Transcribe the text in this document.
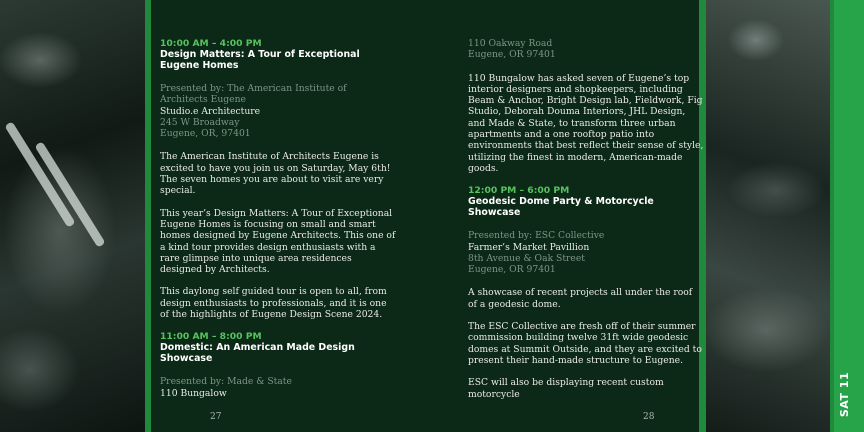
10:00 AM – 4:00 PM

Design Matters: A Tour of Exceptional Eugene Homes

Presented by: The American Institute of Architects Eugene

Studio.e Architecture

245 W Broadway

Eugene, OR, 97401

The American Institute of Architects Eugene is excited to have you join us on Saturday, May 6th! The seven homes you are about to visit are very special.

This year’s Design Matters: A Tour of Exceptional Eugene Homes is focusing on small and smart homes designed by Eugene Architects. This one of a kind tour provides design enthusiasts with a rare glimpse into unique area residences designed by Architects.

This daylong self guided tour is open to all, from design enthusiasts to professionals, and it is one of the highlights of Eugene Design Scene 2024.

11:00 AM – 8:00 PM

Domestic: An American Made Design Showcase

Presented by: Made & State

110 Bungalow

27

110 Oakway Road

Eugene, OR 97401

110 Bungalow has asked seven of Eugene’s top interior designers and shopkeepers, including Beam & Anchor, Bright Design lab, Fieldwork, Fig Studio, Deborah Douma Interiors, JHL Design, and Made & State, to transform three urban apartments and a one rooftop patio into environments that best reflect their sense of style, utilizing the finest in modern, American-made goods.

12:00 PM – 6:00 PM

Geodesic Dome Party & Motorcycle Showcase

Presented by: ESC Collective

Farmer’s Market Pavillion

8th Avenue & Oak Street

Eugene, OR 97401

A showcase of recent projects all under the roof of a geodesic dome.

The ESC Collective are fresh off of their summer commission building twelve 31ft wide geodesic domes at Summit Outside, and they are excited to present their hand-made structure to Eugene.

ESC will also be displaying recent custom motorcycle

28	SAT 11
